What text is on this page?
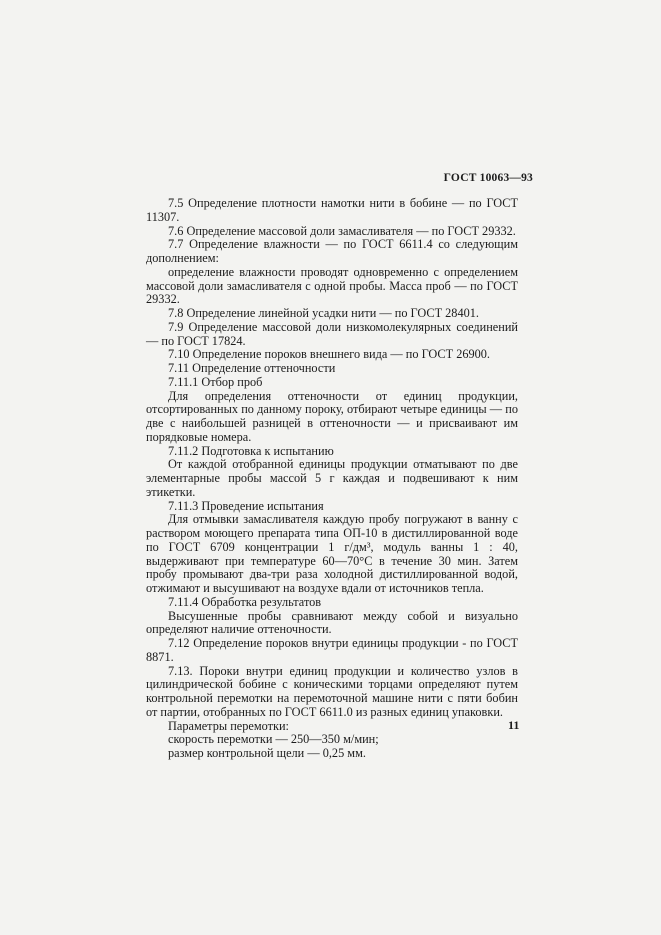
ГОСТ 10063—93
7.5 Определение плотности намотки нити в бобине — по ГОСТ 11307.
7.6 Определение массовой доли замасливателя — по ГОСТ 29332.
7.7 Определение влажности — по ГОСТ 6611.4 со следующим дополнением:
определение влажности проводят одновременно с определением массовой доли замасливателя с одной пробы. Масса проб — по ГОСТ 29332.
7.8 Определение линейной усадки нити — по ГОСТ 28401.
7.9 Определение массовой доли низкомолекулярных соединений — по ГОСТ 17824.
7.10 Определение пороков внешнего вида — по ГОСТ 26900.
7.11 Определение оттеночности
7.11.1 Отбор проб
Для определения оттеночности от единиц продукции, отсортированных по данному пороку, отбирают четыре единицы — по две с наибольшей разницей в оттеночности — и присваивают им порядковые номера.
7.11.2 Подготовка к испытанию
От каждой отобранной единицы продукции отматывают по две элементарные пробы массой 5 г каждая и подвешивают к ним этикетки.
7.11.3 Проведение испытания
Для отмывки замасливателя каждую пробу погружают в ванну с раствором моющего препарата типа ОП-10 в дистиллированной воде по ГОСТ 6709 концентрации 1 г/дм³, модуль ванны 1 : 40, выдерживают при температуре 60—70°С в течение 30 мин. Затем пробу промывают два-три раза холодной дистиллированной водой, отжимают и высушивают на воздухе вдали от источников тепла.
7.11.4 Обработка результатов
Высушенные пробы сравнивают между собой и визуально определяют наличие оттеночности.
7.12 Определение пороков внутри единицы продукции - по ГОСТ 8871.
7.13. Пороки внутри единиц продукции и количество узлов в цилиндрической бобине с коническими торцами определяют путем контрольной перемотки на перемоточной машине нити с пяти бобин от партии, отобранных по ГОСТ 6611.0 из разных единиц упаковки.
Параметры перемотки:
скорость перемотки — 250—350 м/мин;
размер контрольной щели — 0,25 мм.
11
